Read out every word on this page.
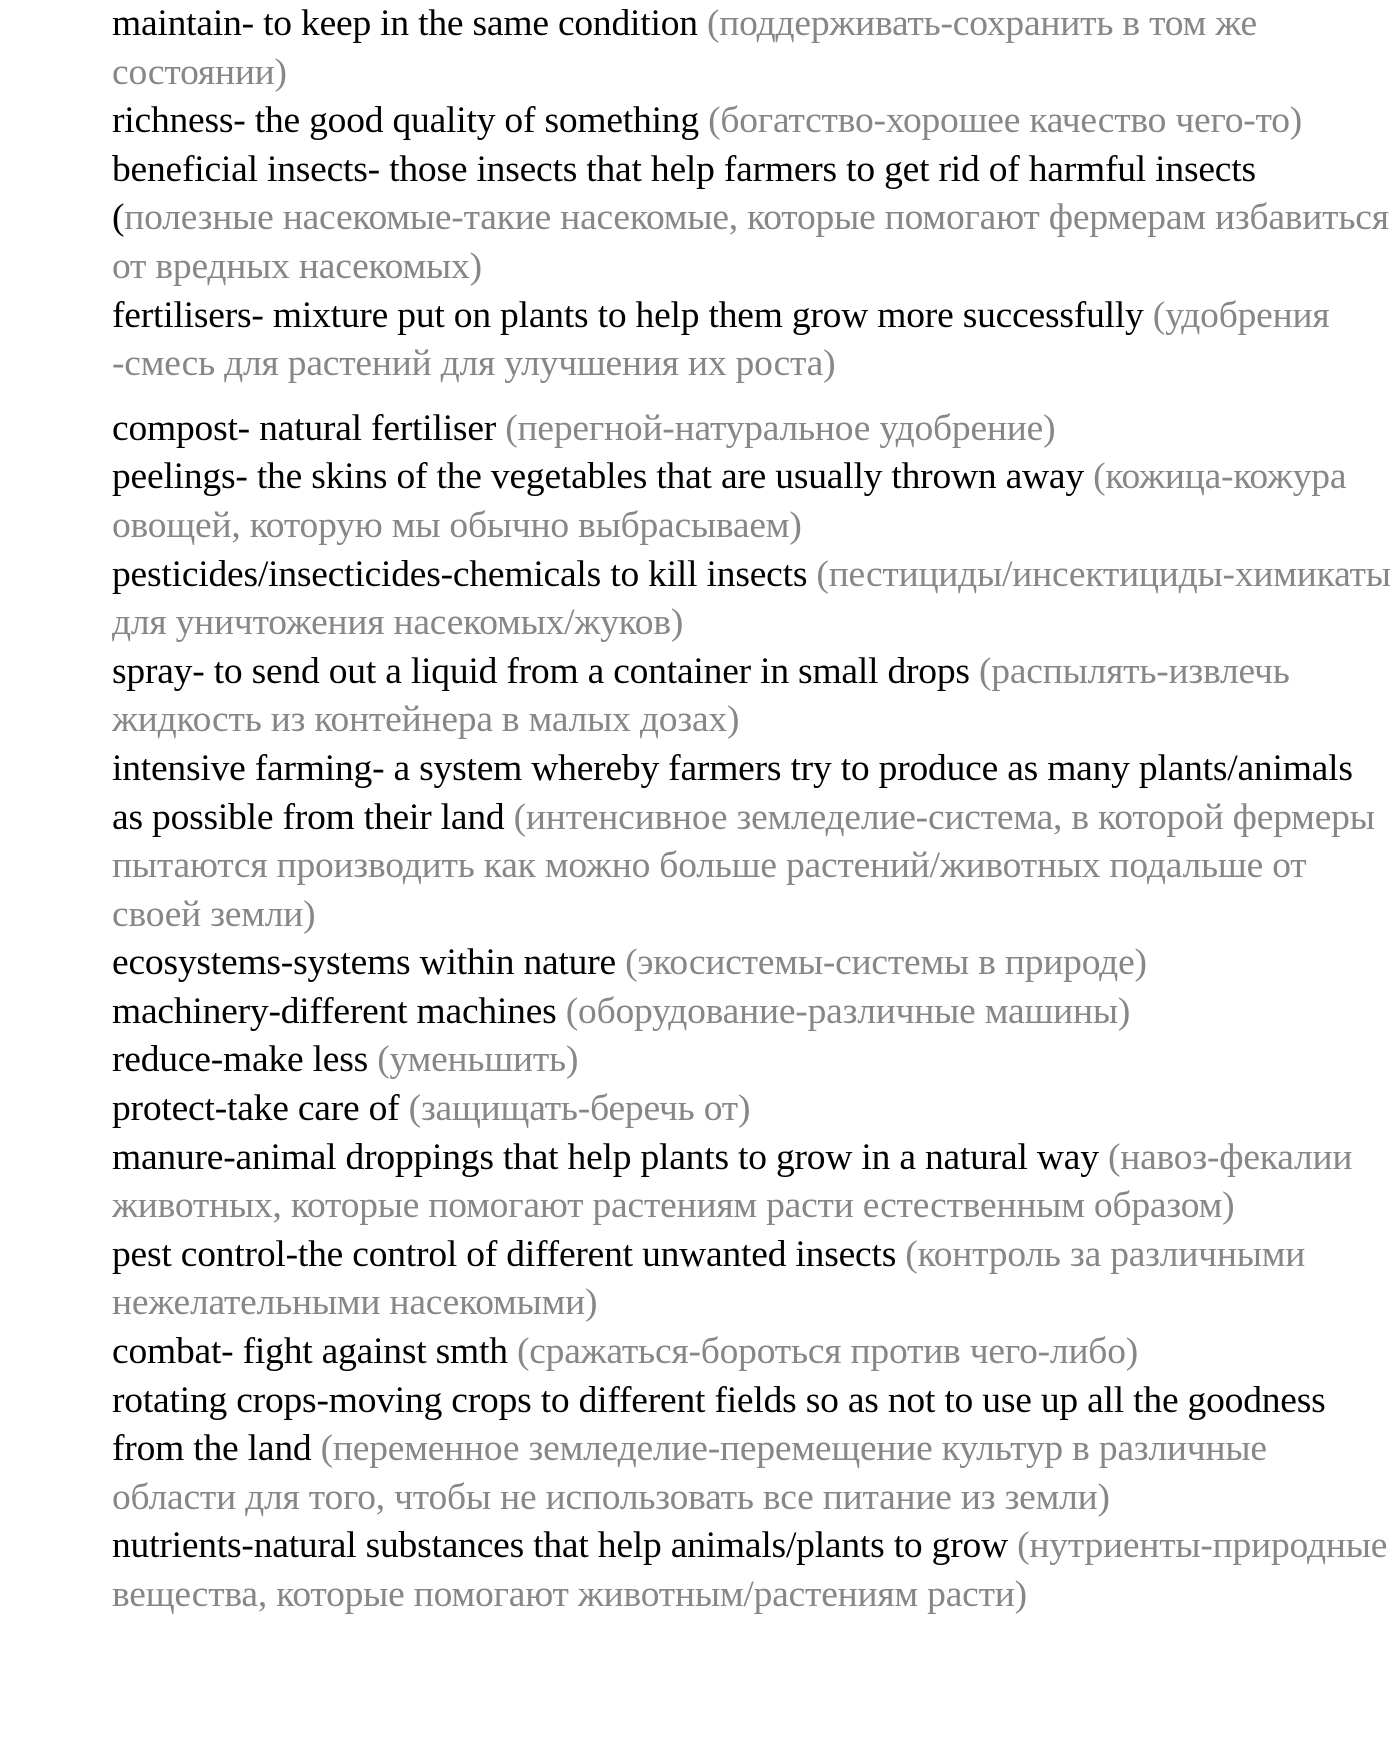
maintain- to keep in the same condition (поддерживать-сохранить в том же состоянии)

richness- the good quality of something (богатство-хорошее качество чего-то)

beneficial insects- those insects that help farmers to get rid of harmful insects (полезные насекомые-такие насекомые, которые помогают фермерам избавиться от вредных насекомых)

fertilisers- mixture put on plants to help them grow more successfully (удобрения -смесь для растений для улучшения их роста)

compost- natural fertiliser (перегной-натуральное удобрение)

peelings- the skins of the vegetables that are usually thrown away (кожица-кожура овощей, которую мы обычно выбрасываем)

pesticides/insecticides-chemicals to kill insects (пестициды/инсектициды-химикаты для уничтожения насекомых/жуков)

spray- to send out a liquid from a container in small drops (распылять-извлечь жидкость из контейнера в малых дозах)

intensive farming- a system whereby farmers try to produce as many plants/animals as possible from their land (интенсивное земледелие-система, в которой фермеры пытаются производить как можно больше растений/животных подальше от своей земли)

ecosystems-systems within nature (экосистемы-системы в природе)

machinery-different machines (оборудование-различные машины)

reduce-make less (уменьшить)

protect-take care of (защищать-беречь от)

manure-animal droppings that help plants to grow in a natural way (навоз-фекалии животных, которые помогают растениям расти естественным образом)

pest control-the control of different unwanted insects (контроль за различными нежелательными насекомыми)

combat- fight against smth (сражаться-бороться против чего-либо)

rotating crops-moving crops to different fields so as not to use up all the goodness from the land (переменное земледелие-перемещение культур в различные области для того, чтобы не использовать все питание из земли)

nutrients-natural substances that help animals/plants to grow (нутриенты-природные вещества, которые помогают животным/растениям расти)
